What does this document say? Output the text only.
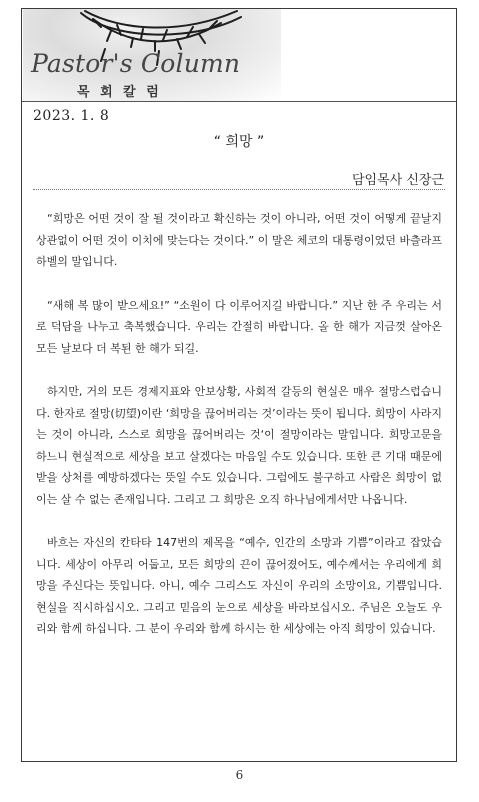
Pastor's Column
목 회 칼 럼
2023. 1. 8
“ 희망 ”
담임목사 신장근

“희망은 어떤 것이 잘 될 것이라고 확신하는 것이 아니라, 어떤 것이 어떻게 끝날지 상관없이 어떤 것이 이치에 맞는다는 것이다.” 이 말은 체코의 대통령이었던 바츨라프 하벨의 말입니다.

“새해 복 많이 받으세요!” “소원이 다 이루어지길 바랍니다.” 지난 한 주 우리는 서로 덕담을 나누고 축복했습니다. 우리는 간절히 바랍니다. 올 한 해가 지금껏 살아온 모든 날보다 더 복된 한 해가 되길.

하지만, 거의 모든 경제지표와 안보상황, 사회적 갈등의 현실은 매우 절망스럽습니다. 한자로 절망(切望)이란 ‘희망을 끊어버리는 것’이라는 뜻이 됩니다. 희망이 사라지는 것이 아니라, 스스로 희망을 끊어버리는 것‘이 절망이라는 말입니다. 희망고문을 하느니 현실적으로 세상을 보고 살겠다는 마음일 수도 있습니다. 또한 큰 기대 때문에 받을 상처를 예방하겠다는 뜻일 수도 있습니다. 그럼에도 불구하고 사람은 희망이 없이는 살 수 없는 존재입니다. 그리고 그 희망은 오직 하나님에게서만 나옵니다.

바흐는 자신의 칸타타 147번의 제목을 “예수, 인간의 소망과 기쁨”이라고 잡았습니다. 세상이 아무리 어둡고, 모든 희망의 끈이 끊어졌어도, 예수께서는 우리에게 희망을 주신다는 뜻입니다. 아니, 예수 그리스도 자신이 우리의 소망이요, 기쁨입니다. 현실을 직시하십시오. 그리고 믿음의 눈으로 세상을 바라보십시오. 주님은 오늘도 우리와 함께 하십니다. 그 분이 우리와 함께 하시는 한 세상에는 아직 희망이 있습니다.

6
